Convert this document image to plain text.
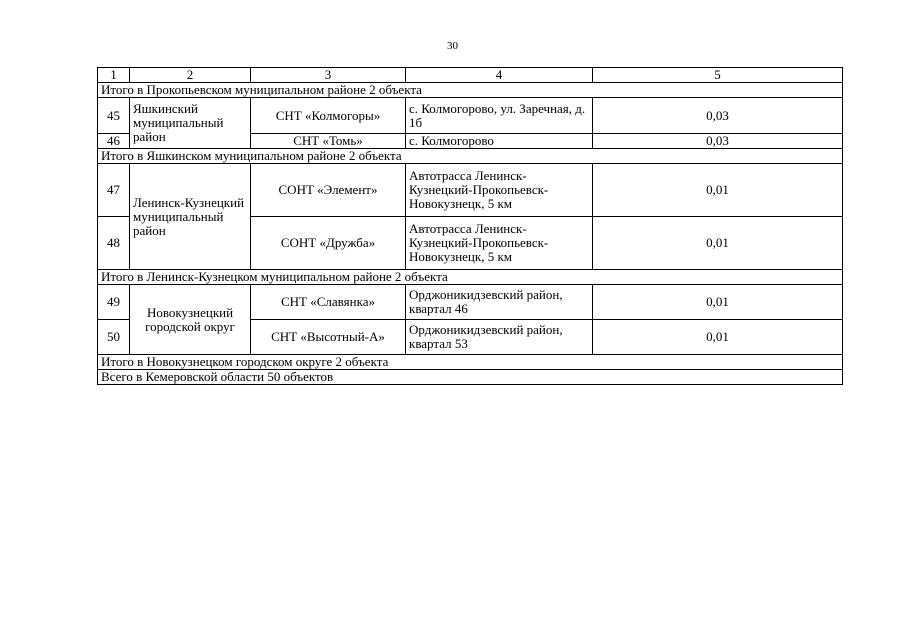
30
1	2	3	4	5
Итого в Прокопьевском муниципальном районе 2 объекта				
45	Яшкинский муниципальный район	СНТ «Колмогоры»	с. Колмогорово, ул. Заречная, д. 1б	0,03
46		СНТ «Томь»	с. Колмогорово	0,03
Итого в Яшкинском муниципальном районе 2 объекта				
47	Ленинск-Кузнецкий муниципальный район	СОНТ «Элемент»	Автотрасса Ленинск-Кузнецкий-Прокопьевск-Новокузнецк, 5 км	0,01
48		СОНТ «Дружба»	Автотрасса Ленинск-Кузнецкий-Прокопьевск-Новокузнецк, 5 км	0,01
Итого в Ленинск-Кузнецком муниципальном районе 2 объекта				
49	Новокузнецкий городской округ	СНТ «Славянка»	Орджоникидзевский район, квартал 46	0,01
50		СНТ «Высотный-А»	Орджоникидзевский район, квартал 53	0,01
Итого в Новокузнецком городском округе 2 объекта				
Всего в Кемеровской области 50 объектов				
